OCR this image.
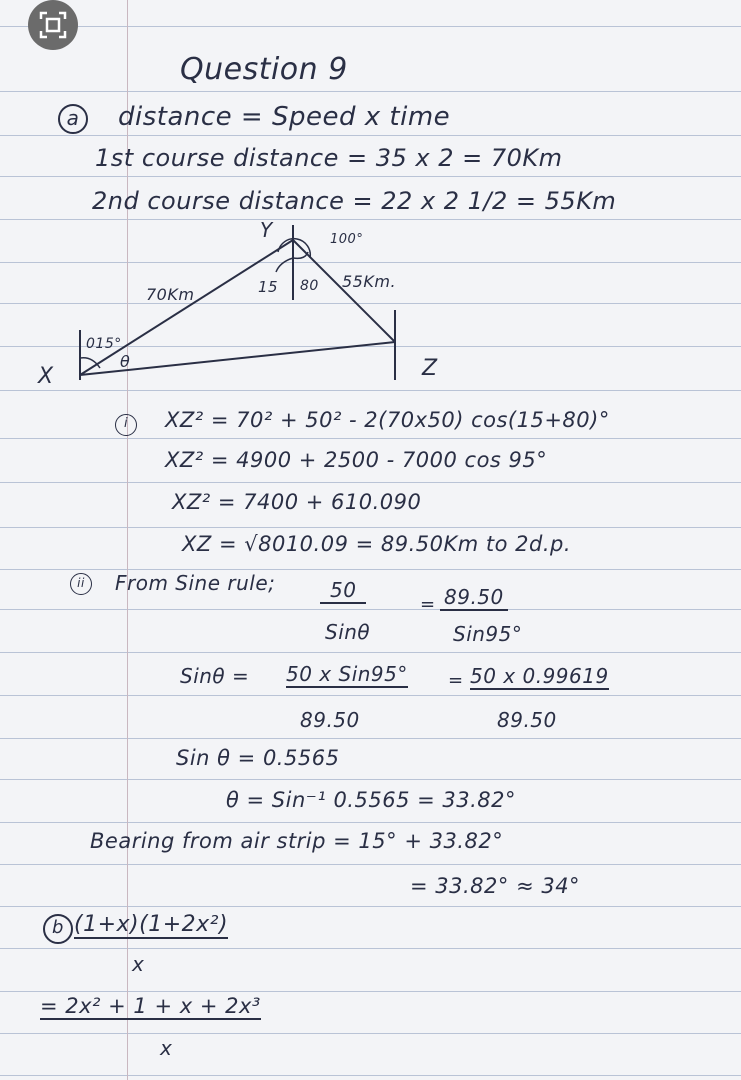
Question 9
a	distance = Speed x time
1st course distance = 35 x 2 = 70Km
2nd course distance = 22 x 2 1/2 = 55Km
Y	100°
15 80
70Km
55Km.
015°
θ
X	Z
i	XZ² = 70² + 50² - 2(70x50) cos(15+80)°
XZ² = 4900 + 2500 - 7000 cos 95°
XZ² = 7400 + 610.090
XZ = √8010.09 = 89.50Km to 2d.p.
ii	From Sine rule;	50
Sinθ
= 89.50
Sin95°
Sinθ = 50 x Sin95°
89.50
= 50 x 0.99619
89.50
Sin θ = 0.5565
θ = Sin⁻¹ 0.5565 = 33.82°
Bearing from air strip = 15° + 33.82°
= 33.82° ≈ 34°
b (1+x)(1+2x²)
x
= 2x² + 1 + x + 2x³
x
